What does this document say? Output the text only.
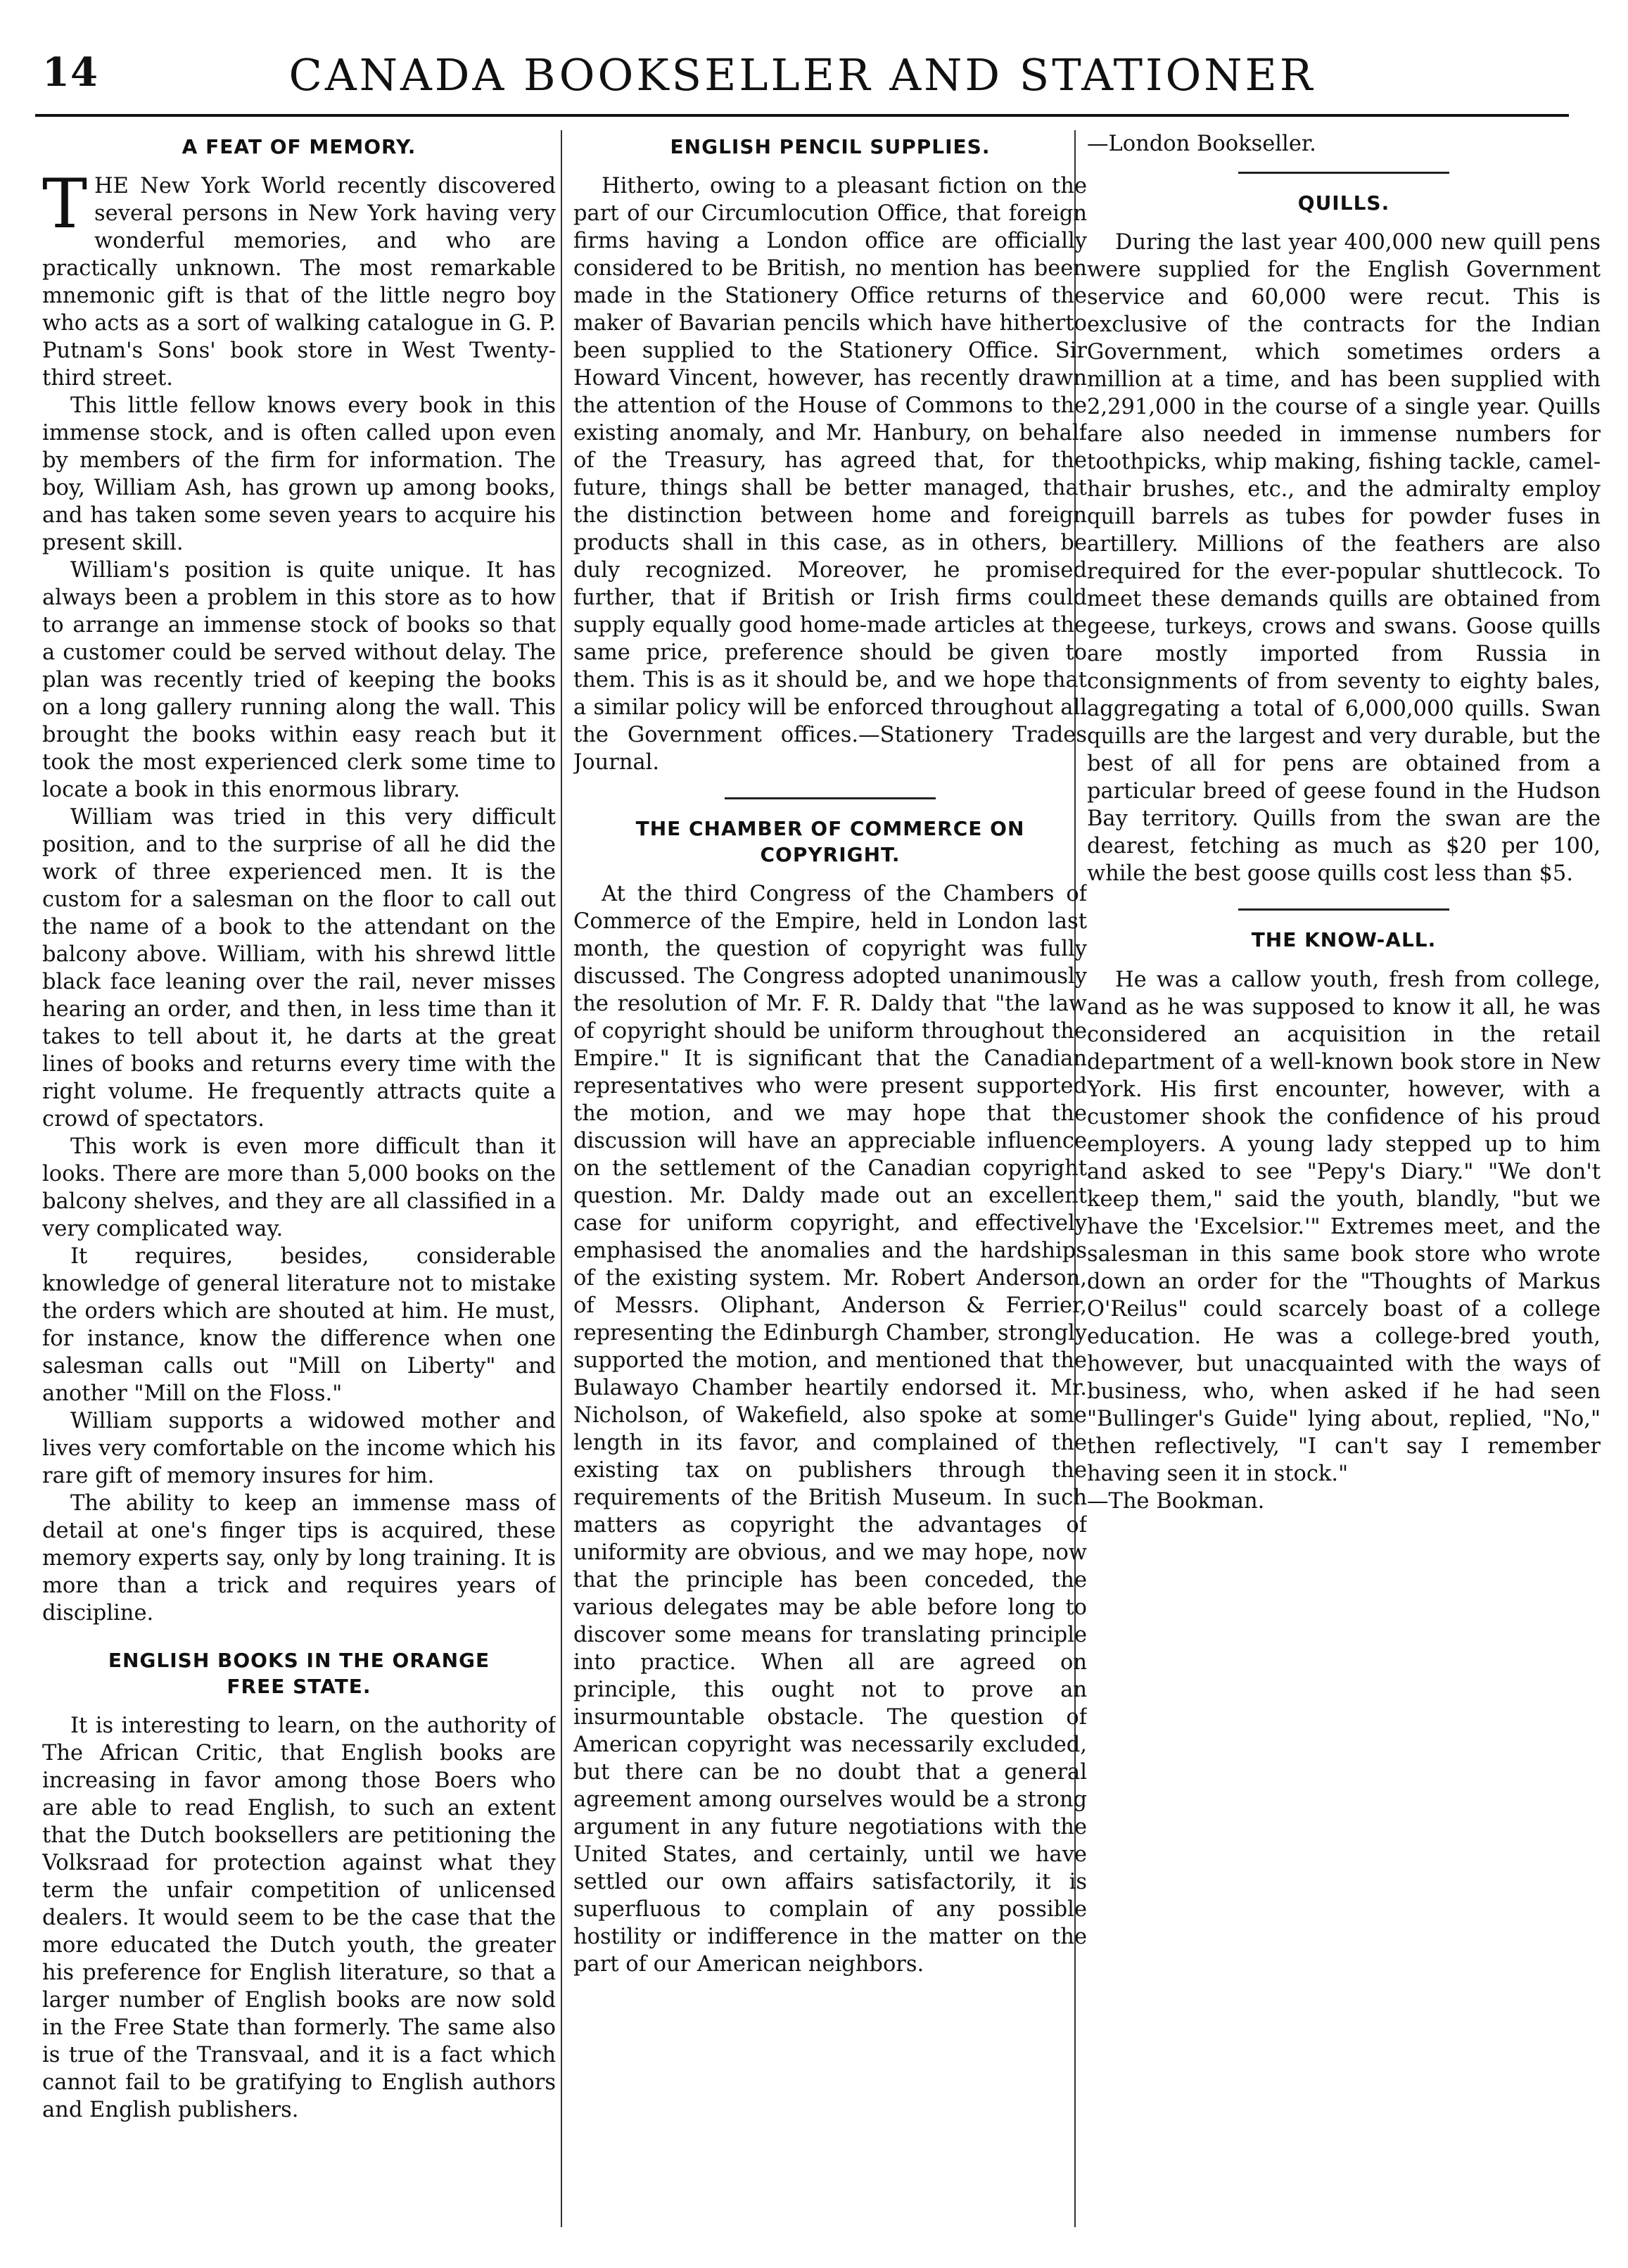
14	CANADA BOOKSELLER AND STATIONER
A FEAT OF MEMORY.

THE New York World recently discovered several persons in New York having very wonderful memories, and who are practically unknown. The most remarkable mnemonic gift is that of the little negro boy who acts as a sort of walking catalogue in G. P. Putnam's Sons' book store in West Twenty-third street.

This little fellow knows every book in this immense stock, and is often called upon even by members of the firm for information. The boy, William Ash, has grown up among books, and has taken some seven years to acquire his present skill.

William's position is quite unique. It has always been a problem in this store as to how to arrange an immense stock of books so that a customer could be served without delay. The plan was recently tried of keeping the books on a long gallery running along the wall. This brought the books within easy reach but it took the most experienced clerk some time to locate a book in this enormous library.

William was tried in this very difficult position, and to the surprise of all he did the work of three experienced men. It is the custom for a salesman on the floor to call out the name of a book to the attendant on the balcony above. William, with his shrewd little black face leaning over the rail, never misses hearing an order, and then, in less time than it takes to tell about it, he darts at the great lines of books and returns every time with the right volume. He frequently attracts quite a crowd of spectators.

This work is even more difficult than it looks. There are more than 5,000 books on the balcony shelves, and they are all classified in a very complicated way.

It requires, besides, considerable knowledge of general literature not to mistake the orders which are shouted at him. He must, for instance, know the difference when one salesman calls out "Mill on Liberty" and another "Mill on the Floss."

William supports a widowed mother and lives very comfortable on the income which his rare gift of memory insures for him.

The ability to keep an immense mass of detail at one's finger tips is acquired, these memory experts say, only by long training. It is more than a trick and requires years of discipline.

ENGLISH BOOKS IN THE ORANGE
FREE STATE.

It is interesting to learn, on the authority of The African Critic, that English books are increasing in favor among those Boers who are able to read English, to such an extent that the Dutch booksellers are petitioning the Volksraad for protection against what they term the unfair competition of unlicensed dealers. It would seem to be the case that the more educated the Dutch youth, the greater his preference for English literature, so that a larger number of English books are now sold in the Free State than formerly. The same also is true of the Transvaal, and it is a fact which cannot fail to be gratifying to English authors and English publishers.

ENGLISH PENCIL SUPPLIES.

Hitherto, owing to a pleasant fiction on the part of our Circumlocution Office, that foreign firms having a London office are officially considered to be British, no mention has been made in the Stationery Office returns of the maker of Bavarian pencils which have hitherto been supplied to the Stationery Office. Sir Howard Vincent, however, has recently drawn the attention of the House of Commons to the existing anomaly, and Mr. Hanbury, on behalf of the Treasury, has agreed that, for the future, things shall be better managed, that the distinction between home and foreign products shall in this case, as in others, be duly recognized. Moreover, he promised further, that if British or Irish firms could supply equally good home-made articles at the same price, preference should be given to them. This is as it should be, and we hope that a similar policy will be enforced throughout all the Government offices.—Stationery Trades Journal.

THE CHAMBER OF COMMERCE ON
COPYRIGHT.

At the third Congress of the Chambers of Commerce of the Empire, held in London last month, the question of copyright was fully discussed. The Congress adopted unanimously the resolution of Mr. F. R. Daldy that "the law of copyright should be uniform throughout the Empire." It is significant that the Canadian representatives who were present supported the motion, and we may hope that the discussion will have an appreciable influence on the settlement of the Canadian copyright question. Mr. Daldy made out an excellent case for uniform copyright, and effectively emphasised the anomalies and the hardships of the existing system. Mr. Robert Anderson, of Messrs. Oliphant, Anderson & Ferrier, representing the Edinburgh Chamber, strongly supported the motion, and mentioned that the Bulawayo Chamber heartily endorsed it. Mr. Nicholson, of Wakefield, also spoke at some length in its favor, and complained of the existing tax on publishers through the requirements of the British Museum. In such matters as copyright the advantages of uniformity are obvious, and we may hope, now that the principle has been conceded, the various delegates may be able before long to discover some means for translating principle into practice. When all are agreed on principle, this ought not to prove an insurmountable obstacle. The question of American copyright was necessarily excluded, but there can be no doubt that a general agreement among ourselves would be a strong argument in any future negotiations with the United States, and certainly, until we have settled our own affairs satisfactorily, it is superfluous to complain of any possible hostility or indifference in the matter on the part of our American neighbors.

—London Bookseller.

QUILLS.

During the last year 400,000 new quill pens were supplied for the English Government service and 60,000 were recut. This is exclusive of the contracts for the Indian Government, which sometimes orders a million at a time, and has been supplied with 2,291,000 in the course of a single year. Quills are also needed in immense numbers for toothpicks, whip making, fishing tackle, camel-hair brushes, etc., and the admiralty employ quill barrels as tubes for powder fuses in artillery. Millions of the feathers are also required for the ever-popular shuttlecock. To meet these demands quills are obtained from geese, turkeys, crows and swans. Goose quills are mostly imported from Russia in consignments of from seventy to eighty bales, aggregating a total of 6,000,000 quills. Swan quills are the largest and very durable, but the best of all for pens are obtained from a particular breed of geese found in the Hudson Bay territory. Quills from the swan are the dearest, fetching as much as $20 per 100, while the best goose quills cost less than $5.

THE KNOW-ALL.

He was a callow youth, fresh from college, and as he was supposed to know it all, he was considered an acquisition in the retail department of a well-known book store in New York. His first encounter, however, with a customer shook the confidence of his proud employers. A young lady stepped up to him and asked to see "Pepy's Diary." "We don't keep them," said the youth, blandly, "but we have the 'Excelsior.'" Extremes meet, and the salesman in this same book store who wrote down an order for the "Thoughts of Markus O'Reilus" could scarcely boast of a college education. He was a college-bred youth, however, but unacquainted with the ways of business, who, when asked if he had seen "Bullinger's Guide" lying about, replied, "No," then reflectively, "I can't say I remember having seen it in stock."

—The Bookman.
